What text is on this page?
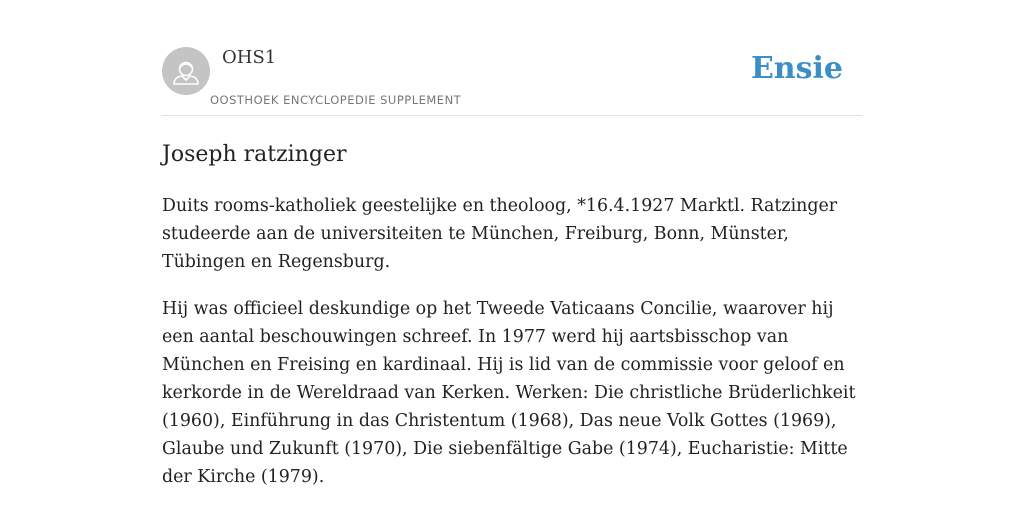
OHS1
OOSTHOEK ENCYCLOPEDIE SUPPLEMENT
Ensie
Joseph ratzinger

Duits rooms-katholiek geestelijke en theoloog, *16.4.1927 Marktl. Ratzinger studeerde aan de universiteiten te München, Freiburg, Bonn, Münster, Tübingen en Regensburg.

Hij was officieel deskundige op het Tweede Vaticaans Concilie, waarover hij een aantal beschouwingen schreef. In 1977 werd hij aartsbisschop van München en Freising en kardinaal. Hij is lid van de commissie voor geloof en kerkorde in de Wereldraad van Kerken. Werken: Die christliche Brüderlichkeit (1960), Einführung in das Christentum (1968), Das neue Volk Gottes (1969), Glaube und Zukunft (1970), Die siebenfältige Gabe (1974), Eucharistie: Mitte der Kirche (1979).
